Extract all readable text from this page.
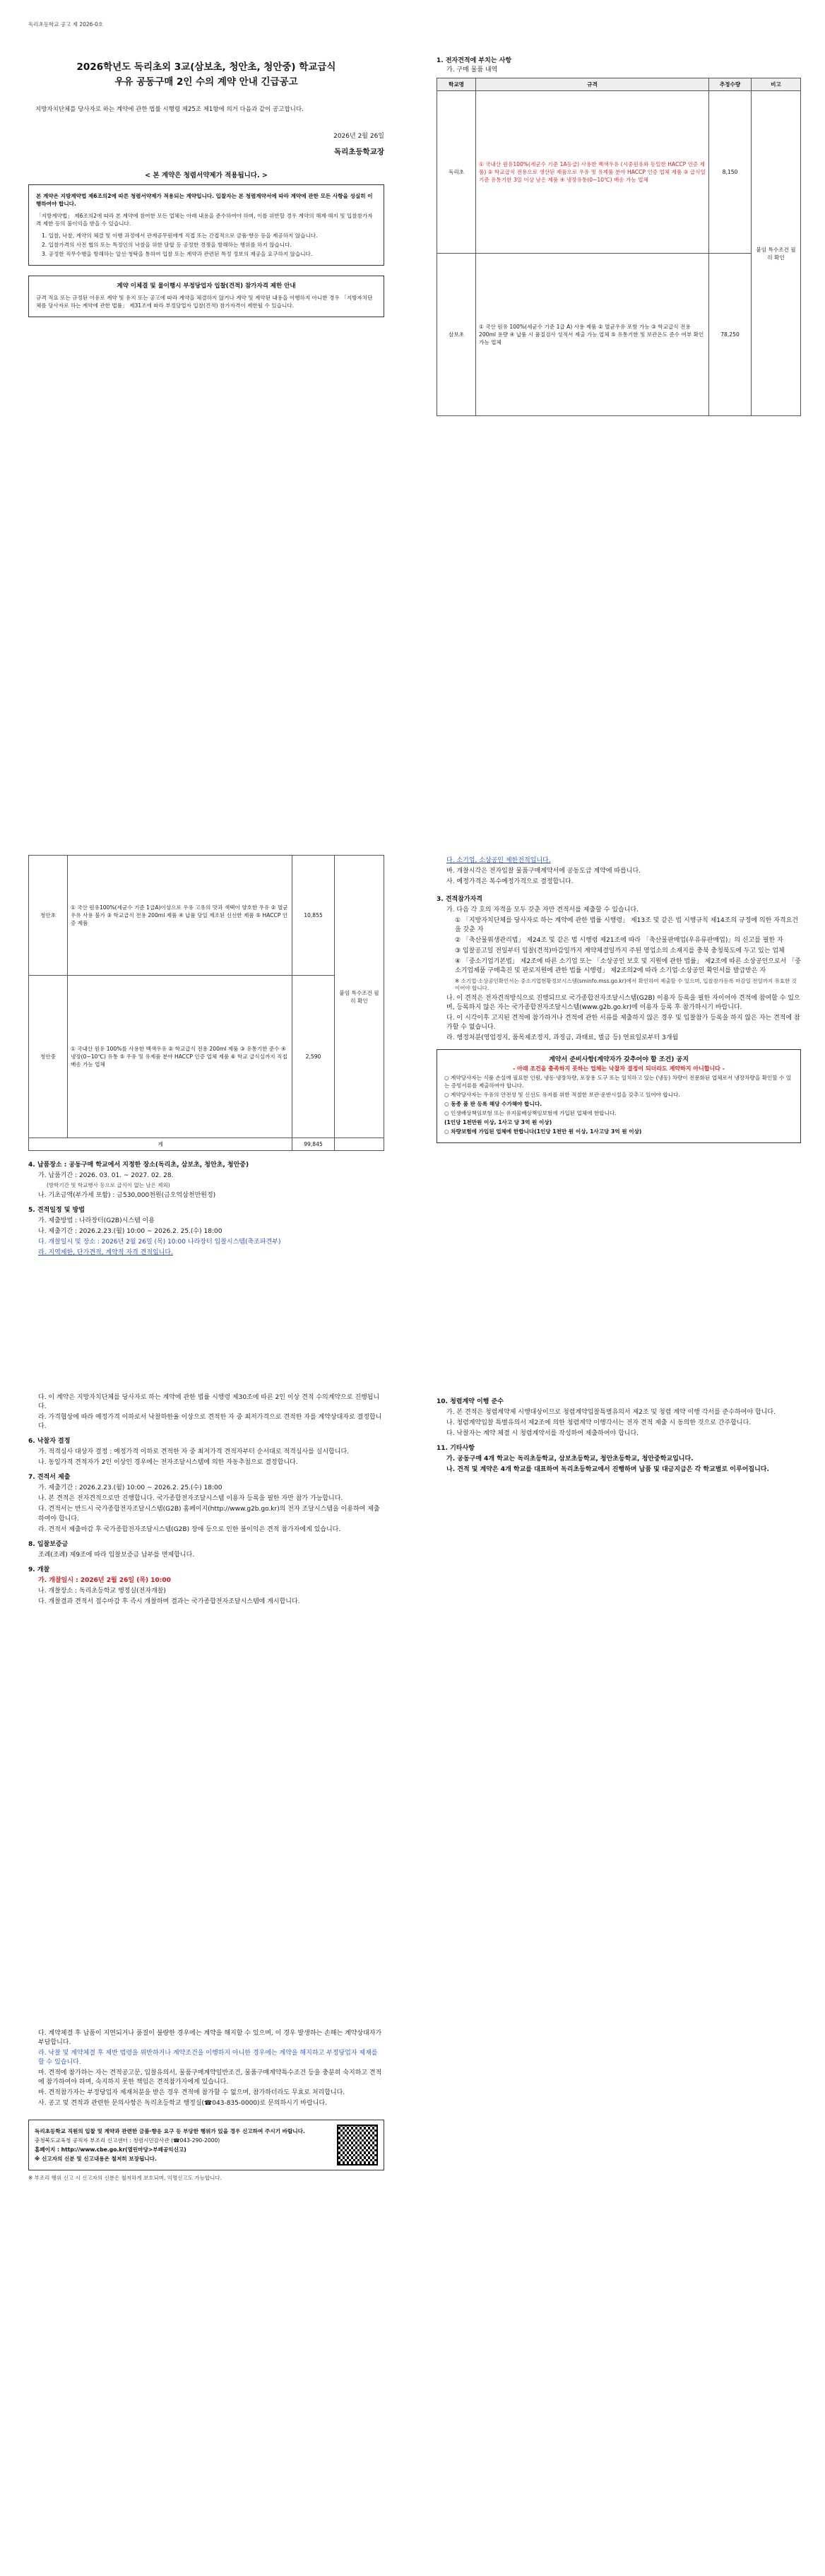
독리초등학교 공고 제 2026-0호
2026학년도 독리초외 3교(삼보초, 청안초, 청안중) 학교급식
우유 공동구매 2인 수의 계약 안내 긴급공고

지방자치단체를 당사자로 하는 계약에 관한 법률 시행령 제25조 제1항에 의거 다음과 같이 공고합니다.

2026년 2월 26일
독리초등학교장
< 본 계약은 청렴서약제가 적용됩니다. >

본 계약은 지방계약법 제6조의2에 따른 청렴서약제가 적용되는 계약입니다. 입찰자는 본 청렴계약서에 따라 계약에 관한 모든 사항을 성실히 이행하여야 합니다.

「지방계약법」 제6조의2에 따라 본 계약에 참여한 모든 업체는 아래 내용을 준수하여야 하며, 이를 위반할 경우 계약의 해제·해지 및 입찰참가자격 제한 등의 불이익을 받을 수 있습니다.

1. 입찰, 낙찰, 계약의 체결 및 이행 과정에서 관계공무원에게 직접 또는 간접적으로 금품·향응 등을 제공하지 않습니다.

2. 입찰가격의 사전 협의 또는 특정인의 낙찰을 위한 담합 등 공정한 경쟁을 방해하는 행위를 하지 않습니다.

3. 공정한 직무수행을 방해하는 알선·청탁을 통하여 입찰 또는 계약과 관련된 특정 정보의 제공을 요구하지 않습니다.

계약 이체결 및 물이행시 부정당업자 입찰(견적) 참가자격 제한 안내

규격 적요 또는 규정된 이유로 계약 및 유지 또는 공고에 따라 계약을 체결하지 않거나 계약 및 계약된 내용을 이행하지 아니한 경우 「지방자치단체를 당사자로 하는 계약에 관한 법률」 제31조에 따라 부정당업자 입찰(견적) 참가자격이 제한될 수 있습니다.

1. 전자견적에 부치는 사항
가. 구매 물품 내역
학교명	규격	추정수량	비고
독리초	① 국내산 원유100%(세균수 기준 1A등급) 사용한 백색우유 (시중원유와 동일한 HACCP 인증 제품) ② 학교급식 전용으로 생산된 제품으로 우유 및 유제품 분야 HACCP 인증 업체 제품 ③ 급식일 기준 유통기한 3일 이상 남은 제품 ④ 냉장유통(0~10℃) 배송 가능 업체	8,150	붙임 특수조건 필히 확인
삼보초	① 국산 원유 100%(세균수 기준 1급 A) 사용 제품 ② 멸균우유 포함 가능 ③ 학교급식 전용 200ml 용량 ④ 납품 시 품질검사 성적서 제출 가능 업체 ⑤ 유통기한 및 보관온도 준수 여부 확인 가능 업체	78,250	
청안초	① 국산 원유100%(세균수 기준 1급A)이상으로 우유 고유의 맛과 색택이 양호한 우유 ② 멸균우유 사용 불가 ③ 학교급식 전용 200ml 제품 ④ 납품 당일 제조된 신선한 제품 ⑤ HACCP 인증 제품	10,855	붙임 특수조건 필히 확인
청안중	① 국내산 원유 100%를 사용한 백색우유 ② 학교급식 전용 200ml 제품 ③ 유통기한 준수 ④ 냉장(0~10℃) 유통 ⑤ 우유 및 유제품 분야 HACCP 인증 업체 제품 ⑥ 학교 급식실까지 직접 배송 가능 업체	2,590	
계		99,845	
4. 납품장소 : 공동구매 학교에서 지정한 장소(독리초, 삼보초, 청안초, 청안중)

가. 납품기간 : 2026. 03. 01. ~ 2027. 02. 28.

(방학기간 및 학교행사 등으로 급식이 없는 날은 제외)

나. 기초금액(부가세 포함) : 금530,000천원(금오억삼천만원정)

5. 견적일정 및 방법

가. 제출방법 : 나라장터(G2B)시스템 이용

나. 제출기간 : 2026.2.23.(월) 10:00 ~ 2026.2. 25.(수) 18:00

다. 개찰일시 및 장소 : 2026년 2월 26일 (목) 10:00 나라장터 입찰시스템(축조파견부)

라. 지역제한, 단가견적, 계약적 자격 견적입니다.

다. 소기업, 소상공인 제한전적입니다.

바. 개찰시각은 전자입찰 물품구매계약서에 공동도급 계약에 따릅니다.

사. 예정가격은 복수예정가격으로 결정합니다.

3. 견적참가자격

가. 다음 각 호의 자격을 모두 갖춘 자만 견적서를 제출할 수 있습니다.

① 「지방자치단체를 당사자로 하는 계약에 관한 법률 시행령」 제13조 및 같은 법 시행규칙 제14조의 규정에 의한 자격요건을 갖춘 자

② 「축산물위생관리법」 제24조 및 같은 법 시행령 제21조에 따라 「축산물판매업(우유류판매업)」의 신고를 필한 자

③ 입찰공고일 전일부터 입찰(견적)마감일까지 계약체결일까지 주된 영업소의 소재지를 충북 충청북도에 두고 있는 업체

④ 「중소기업기본법」 제2조에 따른 소기업 또는 「소상공인 보호 및 지원에 관한 법률」 제2조에 따른 소상공인으로서 「중소기업제품 구매촉진 및 판로지원에 관한 법률 시행령」 제2조의2에 따라 소기업·소상공인 확인서를 발급받은 자

※ 소기업·소상공인확인서는 중소기업현황정보시스템(sminfo.mss.go.kr)에서 확인하여 제출할 수 있으며, 입찰참가등록 마감일 전일까지 유효한 것이어야 합니다.

나. 이 견적은 전자견적방식으로 진행되므로 국가종합전자조달시스템(G2B) 이용자 등록을 필한 자이어야 견적에 참여할 수 있으며, 등록하지 않은 자는 국가종합전자조달시스템(www.g2b.go.kr)에 이용자 등록 후 참가하시기 바랍니다.

다. 이 시각이후 고지된 견적에 참가하거나 견적에 관한 서류를 제출하지 않은 경우 및 입찰참가 등록을 하지 않은 자는 견적에 참가할 수 없습니다.

라. 행정처분(영업정지, 품목제조정지, 과징금, 과태료, 벌금 등) 연료일로부터 3개월

계약서 준비사항(계약자가 갖추어야 할 조건) 공지
- 아래 조건을 충족하지 못하는 업체는 낙찰자 결정이 되더라도 계약하지 아니합니다 -

○ 계약당사자는 식품 손실에 필요한 인원, 냉동·냉장차량, 포장용 도구 또는 일치하고 있는 (냉동) 차량이 전문화된 업체로서 냉장차량을 확인할 수 있는 증빙서류를 제출하여야 합니다.

○ 계약당사자는 우유의 안전성 및 신선도 유지를 위한 적절한 보관·운반시설을 갖추고 있어야 합니다.

○ 동종 품 판 등록 해당 수가해야 합니다.

○ 인생배상책임보험 또는 유지물배상책임보험에 가입된 업체에 한합니다.

(1인당 1천만원 이상, 1사고 당 3억 원 이상)

○ 차량보험에 가입된 업체에 한합니다(1인당 1천만 원 이상, 1사고당 3억 원 이상)

다. 이 계약은 지방자치단체를 당사자로 하는 계약에 관한 법률 시행령 제30조에 따른 2인 이상 견적 수의계약으로 진행됩니다.

라. 가격협상에 따라 예정가격 이하로서 낙찰하한율 이상으로 견적한 자 중 최저가격으로 견적한 자를 계약상대자로 결정합니다.

6. 낙찰자 결정

가. 적격심사 대상자 결정 : 예정가격 이하로 견적한 자 중 최저가격 견적자부터 순서대로 적격심사를 실시합니다.

나. 동일가격 견적자가 2인 이상인 경우에는 전자조달시스템에 의한 자동추첨으로 결정합니다.

7. 견적서 제출

가. 제출기간 : 2026.2.23.(월) 10:00 ~ 2026.2. 25.(수) 18:00

나. 본 견적은 전자견적으로만 진행합니다. 국가종합전자조달시스템 이용자 등록을 필한 자만 참가 가능합니다.

다. 견적서는 반드시 국가종합전자조달시스템(G2B) 홈페이지(http://www.g2b.go.kr)의 전자 조달시스템을 이용하여 제출하여야 합니다.

라. 견적서 제출마감 후 국가종합전자조달시스템(G2B) 장애 등으로 인한 불이익은 견적 참가자에게 있습니다.

8. 입찰보증금

조례(조례) 제9조에 따라 입찰보증금 납부를 면제합니다.

9. 개찰

가. 개찰일시 : 2026년 2월 26일 (목) 10:00

나. 개찰장소 : 독리초등학교 행정실(전자개찰)

다. 개찰결과 견적서 접수마감 후 즉시 개찰하며 결과는 국가종합전자조달시스템에 게시합니다.

10. 청렴계약 이행 준수

가. 본 견적은 청렴계약제 시행대상이므로 청렴계약입찰특별유의서 제2조 및 청렴 계약 이행 각서를 준수하여야 합니다.

나. 청렴계약입찰 특별유의서 제2조에 의한 청렴계약 이행각서는 전자 견적 제출 시 동의한 것으로 간주합니다.

다. 낙찰자는 계약 체결 시 청렴계약서를 작성하여 제출하여야 합니다.

11. 기타사항

가. 공동구매 4개 학교는 독리초등학교, 삼보초등학교, 청안초등학교, 청안중학교입니다.

나. 견적 및 계약은 4개 학교를 대표하여 독리초등학교에서 진행하며 납품 및 대금지급은 각 학교별로 이루어집니다.

다. 계약체결 후 납품이 지연되거나 품질이 불량한 경우에는 계약을 해지할 수 있으며, 이 경우 발생하는 손해는 계약상대자가 부담합니다.

라. 낙찰 및 계약체결 후 제반 법령을 위반하거나 계약조건을 이행하지 아니한 경우에는 계약을 해지하고 부정당업자 제재를 할 수 있습니다.

마. 견적에 참가하는 자는 견적공고문, 입찰유의서, 물품구매계약일반조건, 물품구매계약특수조건 등을 충분히 숙지하고 견적에 참가하여야 하며, 숙지하지 못한 책임은 견적참가자에게 있습니다.

바. 견적참가자는 부정당업자 제재처분을 받은 경우 견적에 참가할 수 없으며, 참가하더라도 무효로 처리합니다.

사. 공고 및 견적과 관련한 문의사항은 독리초등학교 행정실(☎043-835-0000)로 문의하시기 바랍니다.

독리초등학교 직원의 입찰 및 계약과 관련한 금품·향응 요구 등 부당한 행위가 있을 경우 신고하여 주시기 바랍니다.

충청북도교육청 공직자 부조리 신고센터 : 청렴시민감사관 (☎043-290-2000)

홈페이지 : http://www.cbe.go.kr(열린마당>부패공익신고)

※ 신고자의 신분 및 신고내용은 철저히 보장됩니다.

※ 부조리 행위 신고 시 신고자의 신분은 철저하게 보호되며, 익명신고도 가능합니다.
